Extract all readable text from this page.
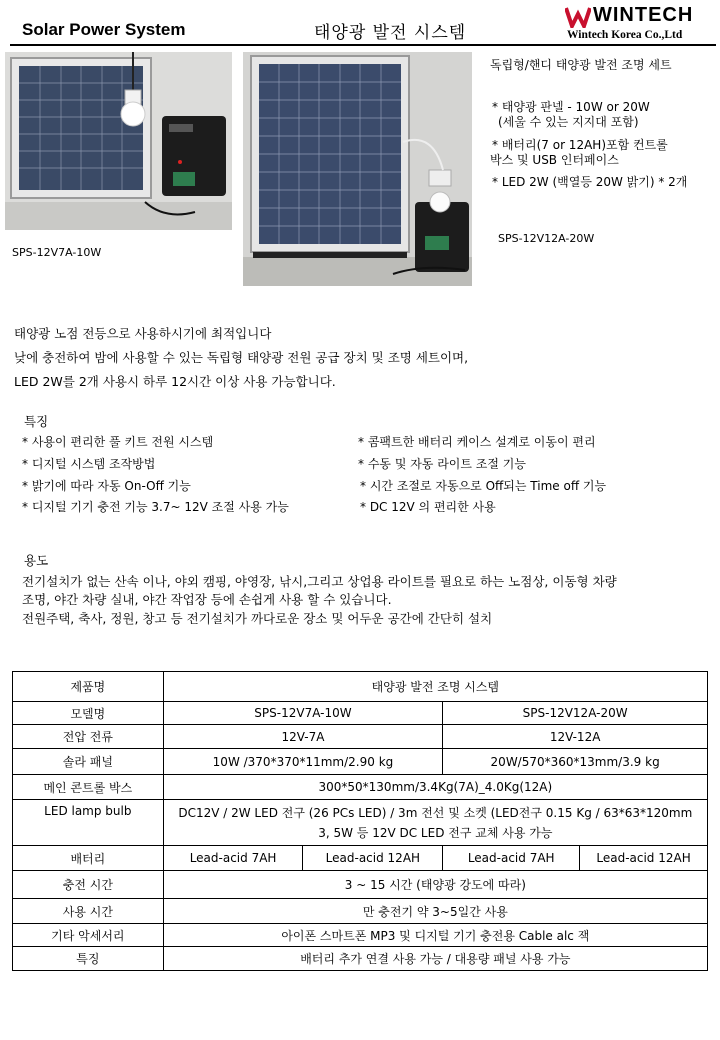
Solar Power System	태양광 발전 시스템
WINTECH
Wintech Korea Co.,Ltd
SPS-12V7A-10W
독립형/핸디 태양광 발전 조명 세트
* 태양광 판넬 - 10W or 20W
(세울 수 있는 지지대 포함)
* 배터리(7 or 12AH)포함 컨트롤
박스 및 USB 인터페이스
* LED 2W (백열등 20W 밝기) * 2개
SPS-12V12A-20W
태양광 노점 전등으로 사용하시기에 최적입니다
낮에 충전하여 밤에 사용할 수 있는 독립형 태양광 전원 공급 장치 및 조명 세트이며,
LED 2W를 2개 사용시 하루 12시간 이상 사용 가능합니다.
특징
* 사용이 편리한 풀 키트 전원 시스템
* 디지털 시스템 조작방법
* 밝기에 따라 자동 On-Off 기능
* 디지털 기기 충전 기능 3.7~ 12V 조절 사용 가능
* 콤팩트한 배터리 케이스 설계로 이동이 편리
* 수동 및 자동 라이트 조절 기능
* 시간 조절로 자동으로 Off되는 Time off 기능
* DC 12V 의 편리한 사용
용도
전기설치가 없는 산속 이나, 야외 캠핑, 야영장, 낚시,그리고 상업용 라이트를 필요로 하는 노점상, 이동형 차량
조명, 야간 차량 실내, 야간 작업장 등에 손쉽게 사용 할 수 있습니다.
전원주택, 축사, 정원, 창고 등 전기설치가 까다로운 장소 및 어두운 공간에 간단히 설치
제품명	태양광 발전 조명 시스템			
모델명	SPS-12V7A-10W		SPS-12V12A-20W	
전압 전류	12V-7A		12V-12A	
솔라 패널	10W /370*370*11mm/2.90 kg		20W/570*360*13mm/3.9 kg	
메인 콘트롤 박스	300*50*130mm/3.4Kg(7A)_4.0Kg(12A)			
LED lamp bulb	DC12V / 2W LED 전구 (26 PCs LED) / 3m 전선 및 소켓 (LED전구 0.15 Kg / 63*63*120mm
3, 5W 등 12V DC LED 전구 교체 사용 가능			

배터리	Lead-acid 7AH	Lead-acid 12AH	Lead-acid 7AH	Lead-acid 12AH
충전 시간	3 ~ 15 시간 (태양광 강도에 따라)			
사용 시간	만 충전기 약 3~5일간 사용			
기타 악세서리	아이폰 스마트폰 MP3 및 디지털 기기 충전용 Cable alc 잭			
특징	배터리 추가 연결 사용 가능 / 대용량 패널 사용 가능			
